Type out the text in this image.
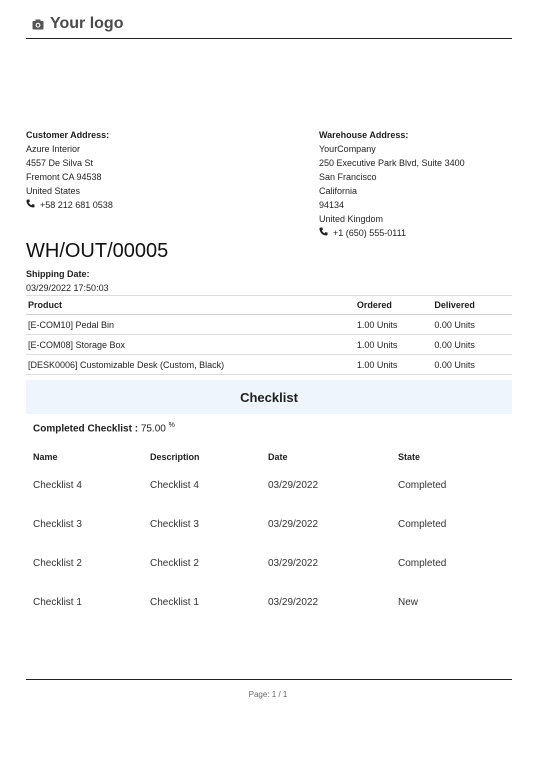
Your logo
Customer Address:
Azure Interior
4557 De Silva St
Fremont CA 94538
United States
+58 212 681 0538
Warehouse Address:
YourCompany
250 Executive Park Blvd, Suite 3400
San Francisco
California
94134
United Kingdom
+1 (650) 555-0111
WH/OUT/00005
Shipping Date:
03/29/2022 17:50:03
Product	Ordered	Delivered
[E-COM10] Pedal Bin	1.00 Units	0.00 Units
[E-COM08] Storage Box	1.00 Units	0.00 Units
[DESK0006] Customizable Desk (Custom, Black)	1.00 Units	0.00 Units
Checklist
Completed Checklist : 75.00 %
Name	Description	Date	State
Checklist 4	Checklist 4	03/29/2022	Completed
Checklist 3	Checklist 3	03/29/2022	Completed
Checklist 2	Checklist 2	03/29/2022	Completed
Checklist 1	Checklist 1	03/29/2022	New
Page: 1 / 1
